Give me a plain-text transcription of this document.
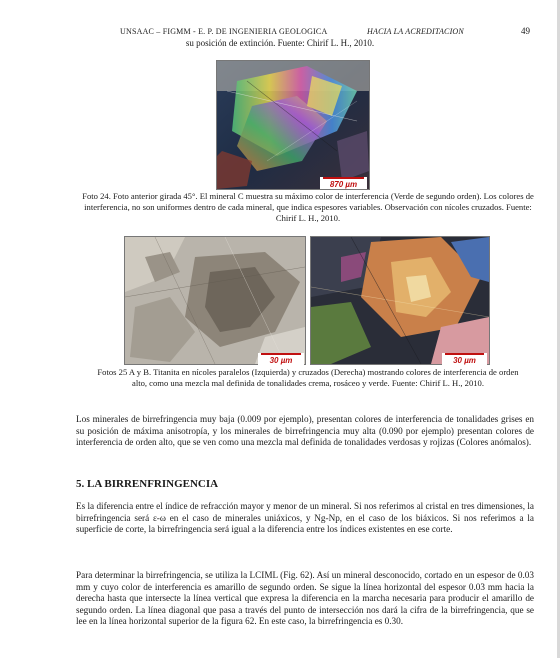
UNSAAC – FIGMM - E. P. DE INGENIERIA GEOLOGICA	HACIA LA ACREDITACION	49
su posición de extinción. Fuente: Chirif L. H., 2010.
870 µm
Foto 24. Foto anterior girada 45°. El mineral C muestra su máximo color de interferencia (Verde de segundo orden). Los colores de interferencia, no son uniformes dentro de cada mineral, que indica espesores variables. Observación con nícoles cruzados. Fuente: Chirif L. H., 2010.
30 µm	30 µm
Fotos 25 A y B. Titanita en nícoles paralelos (Izquierda) y cruzados (Derecha) mostrando colores de interferencia de orden alto, como una mezcla mal definida de tonalidades crema, rosáceo y verde. Fuente: Chirif L. H., 2010.

Los minerales de birrefringencia muy baja (0.009 por ejemplo), presentan colores de interferencia de tonalidades grises en su posición de máxima anisotropía, y los minerales de birrefringencia muy alta (0.090 por ejemplo) presentan colores de interferencia de orden alto, que se ven como una mezcla mal definida de tonalidades verdosas y rojizas (Colores anómalos).

5. LA BIRRENFRINGENCIA

Es la diferencia entre el índice de refracción mayor y menor de un mineral. Si nos referimos al cristal en tres dimensiones, la birrefringencia será ε-ω en el caso de minerales uniáxicos, y Ng-Np, en el caso de los biáxicos. Si nos referimos a la superficie de corte, la birrefringencia será igual a la diferencia entre los índices existentes en ese corte.

Para determinar la birrefringencia, se utiliza la LCIML (Fig. 62). Así un mineral desconocido, cortado en un espesor de 0.03 mm y cuyo color de interferencia es amarillo de segundo orden. Se sigue la línea horizontal del espesor 0.03 mm hacia la derecha hasta que intersecte la línea vertical que expresa la diferencia en la marcha necesaria para producir el amarillo de segundo orden. La línea diagonal que pasa a través del punto de intersección nos dará la cifra de la birrefringencia, que se lee en la línea horizontal superior de la figura 62. En este caso, la birrefringencia es 0.30.
